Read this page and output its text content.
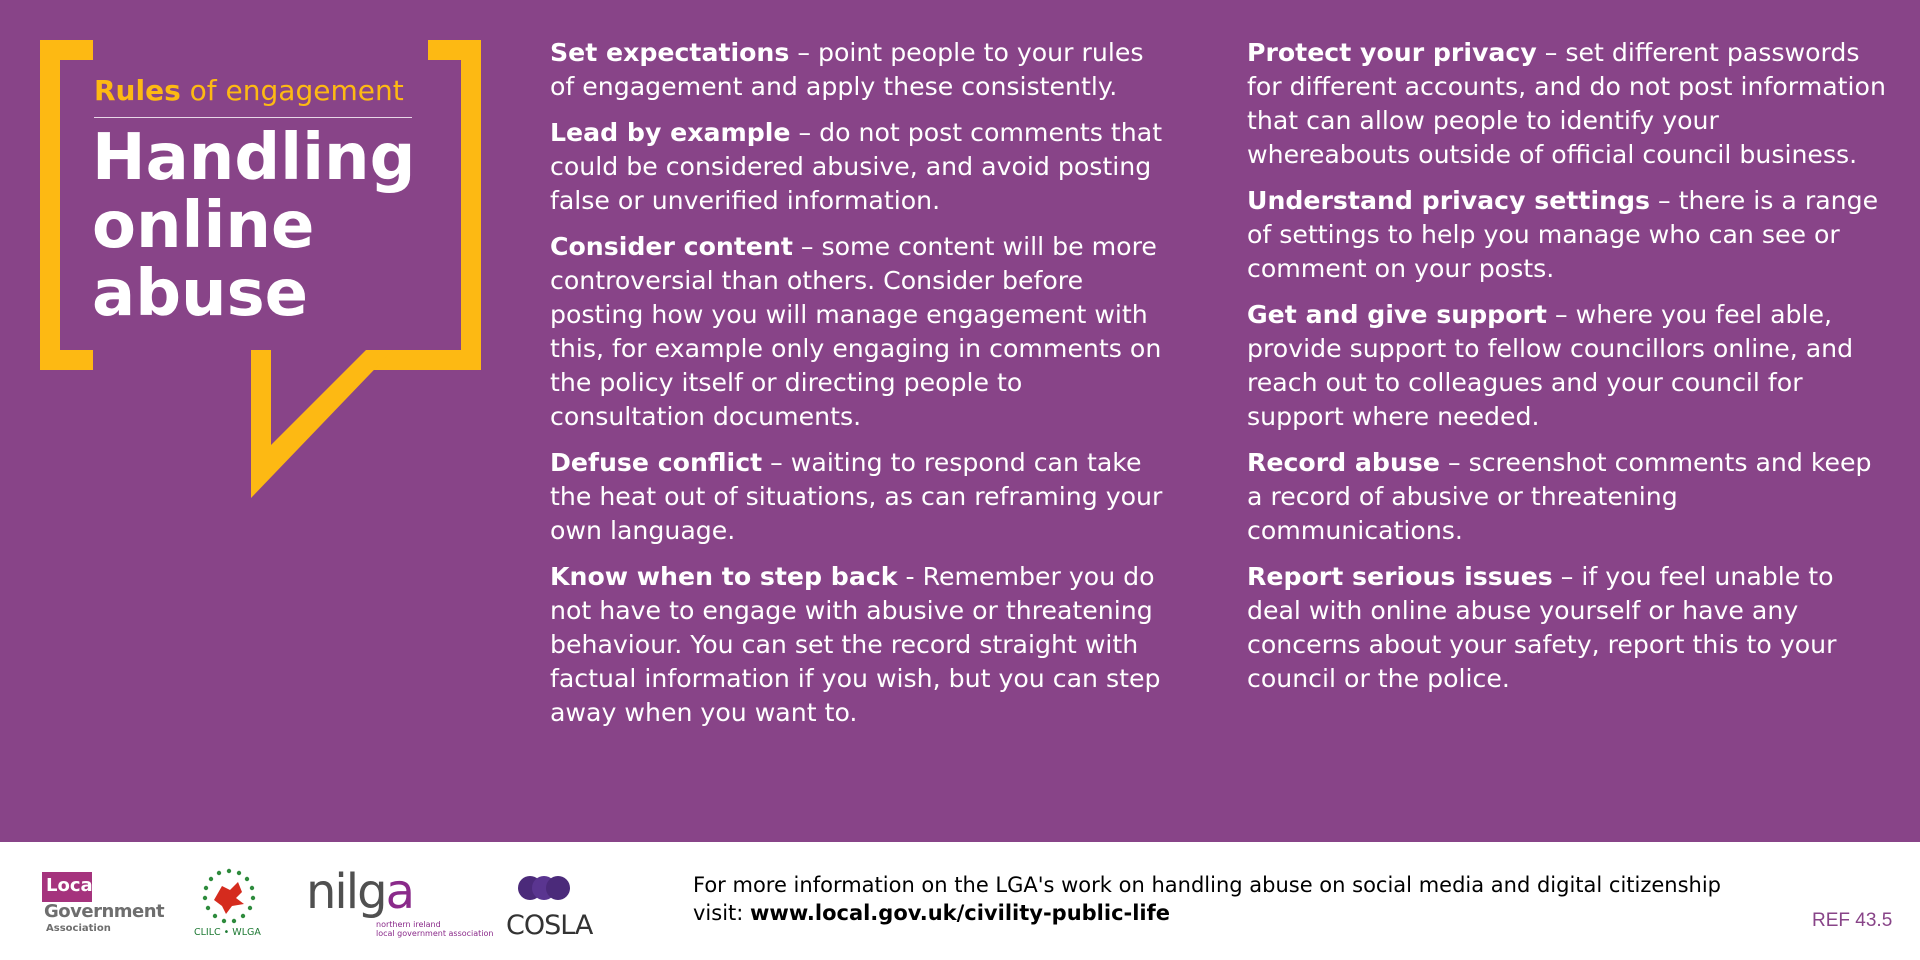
Rules of engagement
Handling
online
abuse

Set expectations – point people to your rules of engagement and apply these consistently.

Lead by example – do not post comments that could be considered abusive, and avoid posting false or unverified information.

Consider content – some content will be more controversial than others. Consider before posting how you will manage engagement with this, for example only engaging in comments on the policy itself or directing people to consultation documents.

Defuse conflict – waiting to respond can take the heat out of situations, as can reframing your own language.

Know when to step back - Remember you do not have to engage with abusive or threatening behaviour. You can set the record straight with factual information if you wish, but you can step away when you want to.

Protect your privacy – set different passwords for different accounts, and do not post information that can allow people to identify your whereabouts outside of official council business.

Understand privacy settings – there is a range of settings to help you manage who can see or comment on your posts.

Get and give support – where you feel able, provide support to fellow councillors online, and reach out to colleagues and your council for support where needed.

Record abuse – screenshot comments and keep a record of abusive or threatening communications.

Report serious issues – if you feel unable to deal with online abuse yourself or have any concerns about your safety, report this to your council or the police.

Local
Government
Association	CLILC • WLGA
nilga
northern ireland
local government association COSLA
For more information on the LGA's work on handling abuse on social media and digital citizenship
visit: www.local.gov.uk/civility-public-life	REF 43.5
